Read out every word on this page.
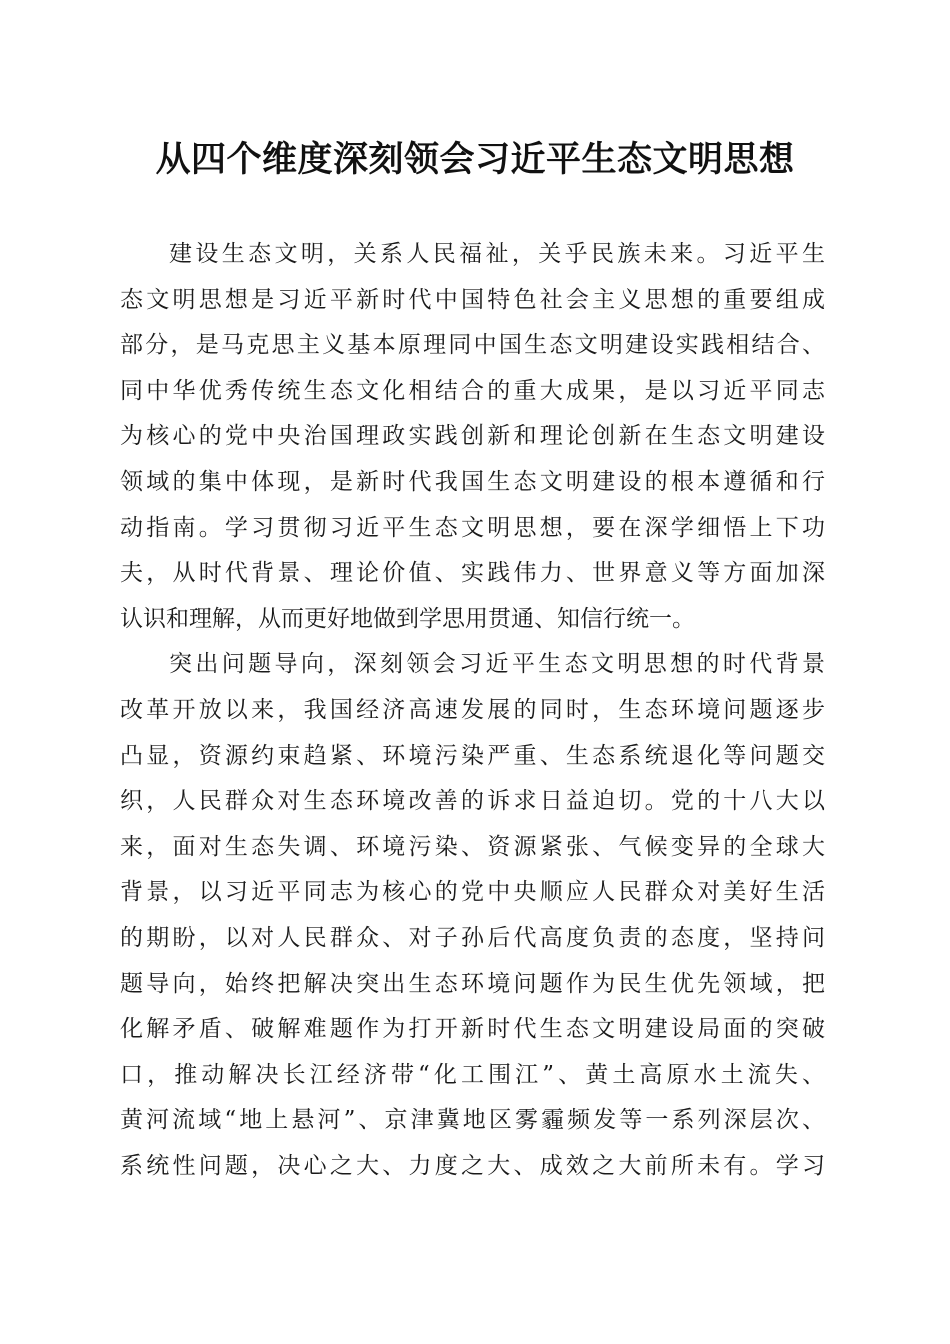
从四个维度深刻领会习近平生态文明思想
建设生态文明，关系人民福祉，关乎民族未来。习近平生
态文明思想是习近平新时代中国特色社会主义思想的重要组成
部分，是马克思主义基本原理同中国生态文明建设实践相结合、
同中华优秀传统生态文化相结合的重大成果，是以习近平同志
为核心的党中央治国理政实践创新和理论创新在生态文明建设
领域的集中体现，是新时代我国生态文明建设的根本遵循和行
动指南。学习贯彻习近平生态文明思想，要在深学细悟上下功
夫，从时代背景、理论价值、实践伟力、世界意义等方面加深
认识和理解，从而更好地做到学思用贯通、知信行统一。
突出问题导向，深刻领会习近平生态文明思想的时代背景
改革开放以来，我国经济高速发展的同时，生态环境问题逐步
凸显，资源约束趋紧、环境污染严重、生态系统退化等问题交
织，人民群众对生态环境改善的诉求日益迫切。党的十八大以
来，面对生态失调、环境污染、资源紧张、气候变异的全球大
背景，以习近平同志为核心的党中央顺应人民群众对美好生活
的期盼，以对人民群众、对子孙后代高度负责的态度，坚持问
题导向，始终把解决突出生态环境问题作为民生优先领域，把
化解矛盾、破解难题作为打开新时代生态文明建设局面的突破
口，推动解决长江经济带“化工围江”、黄土高原水土流失、
黄河流域“地上悬河”、京津冀地区雾霾频发等一系列深层次、
系统性问题，决心之大、力度之大、成效之大前所未有。学习
